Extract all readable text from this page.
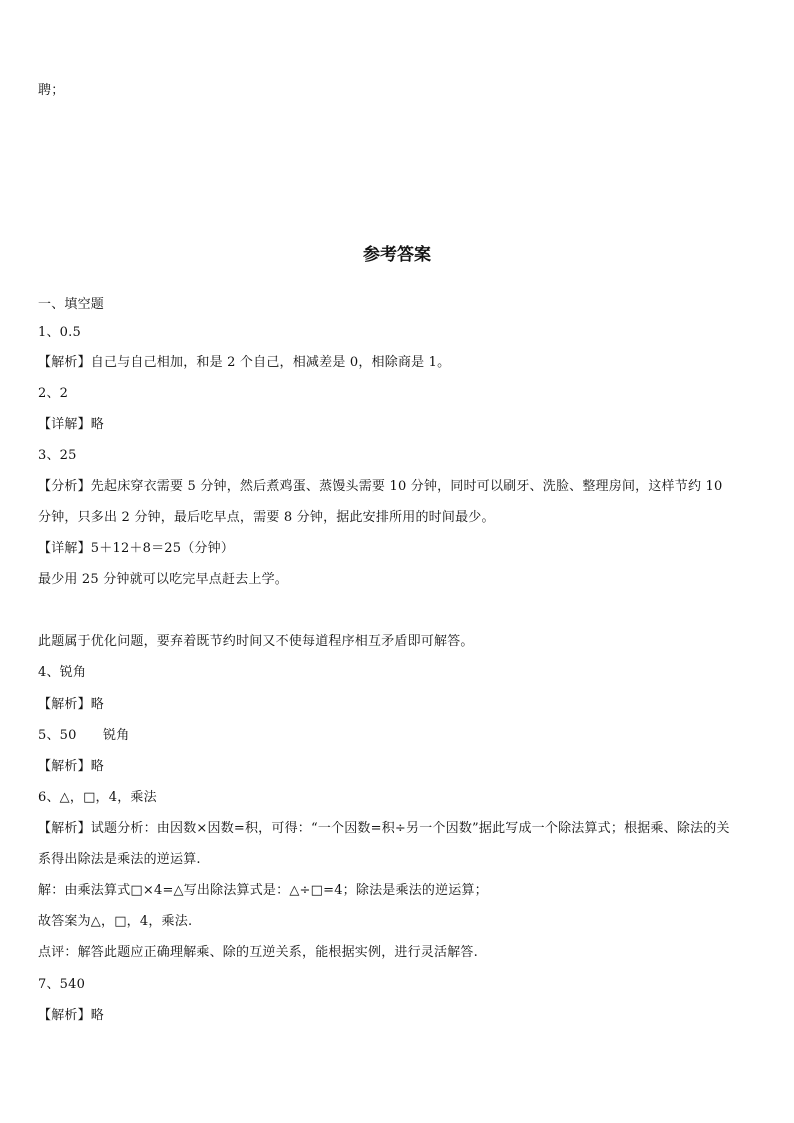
聘；
参考答案
一、填空题
1、0.5
【解析】自己与自己相加，和是 2 个自己，相减差是 0，相除商是 1。
2、2
【详解】略
3、25
【分析】先起床穿衣需要 5 分钟，然后煮鸡蛋、蒸馒头需要 10 分钟，同时可以刷牙、洗脸、整理房间，这样节约 10
分钟，只多出 2 分钟，最后吃早点，需要 8 分钟，据此安排所用的时间最少。
【详解】5＋12＋8＝25（分钟）
最少用 25 分钟就可以吃完早点赶去上学。
此题属于优化问题，要弃着既节约时间又不使每道程序相互矛盾即可解答。
4、锐角
【解析】略
5、50　　锐角
【解析】略
6、△，□，4，乘法
【解析】试题分析：由因数×因数=积，可得：“一个因数=积÷另一个因数”据此写成一个除法算式；根据乘、除法的关
系得出除法是乘法的逆运算.
解：由乘法算式□×4=△写出除法算式是：△÷□=4；除法是乘法的逆运算；
故答案为△，□，4，乘法.
点评：解答此题应正确理解乘、除的互逆关系，能根据实例，进行灵活解答.
7、540
【解析】略
